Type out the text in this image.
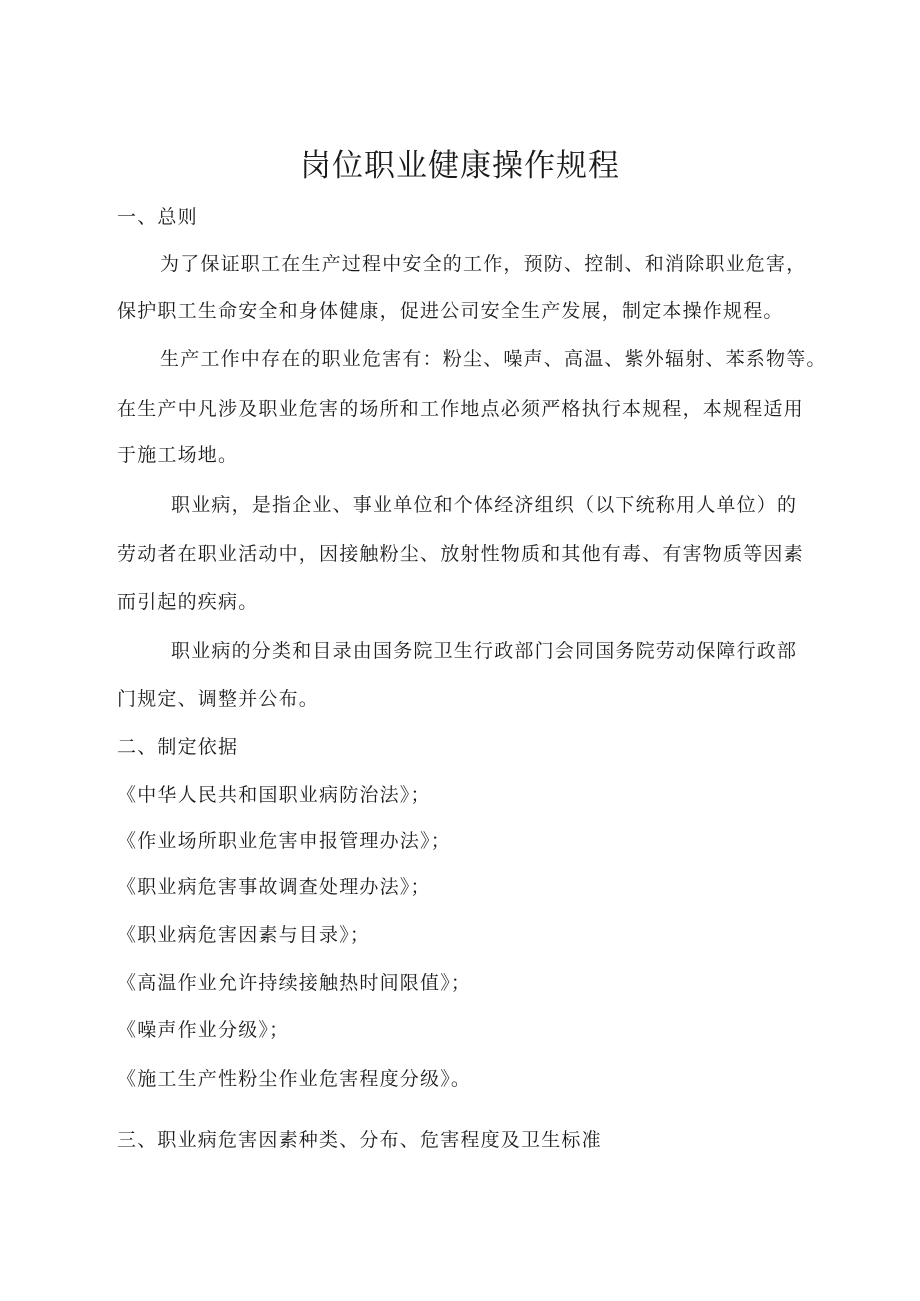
岗位职业健康操作规程
一、总则
为了保证职工在生产过程中安全的工作，预防、控制、和消除职业危害，
保护职工生命安全和身体健康，促进公司安全生产发展，制定本操作规程。
生产工作中存在的职业危害有：粉尘、噪声、高温、紫外辐射、苯系物等。
在生产中凡涉及职业危害的场所和工作地点必须严格执行本规程，本规程适用
于施工场地。
职业病，是指企业、事业单位和个体经济组织（以下统称用人单位）的
劳动者在职业活动中，因接触粉尘、放射性物质和其他有毒、有害物质等因素
而引起的疾病。
职业病的分类和目录由国务院卫生行政部门会同国务院劳动保障行政部
门规定、调整并公布。
二、制定依据
《中华人民共和国职业病防治法》；
《作业场所职业危害申报管理办法》；
《职业病危害事故调查处理办法》；
《职业病危害因素与目录》；
《高温作业允许持续接触热时间限值》；
《噪声作业分级》；
《施工生产性粉尘作业危害程度分级》。
三、职业病危害因素种类、分布、危害程度及卫生标准
